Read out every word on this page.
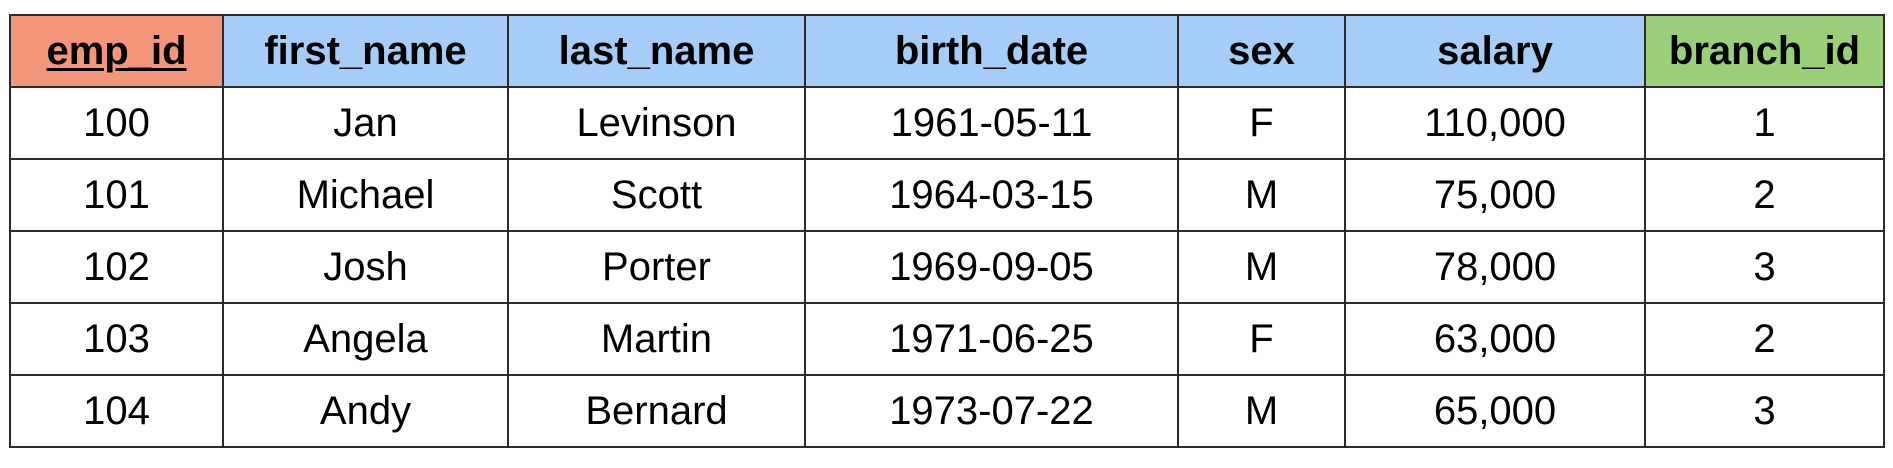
emp_id	first_name	last_name	birth_date	sex	salary	branch_id
100	Jan	Levinson	1961-05-11	F	110,000	1
101	Michael	Scott	1964-03-15	M	75,000	2
102	Josh	Porter	1969-09-05	M	78,000	3
103	Angela	Martin	1971-06-25	F	63,000	2
104	Andy	Bernard	1973-07-22	M	65,000	3
